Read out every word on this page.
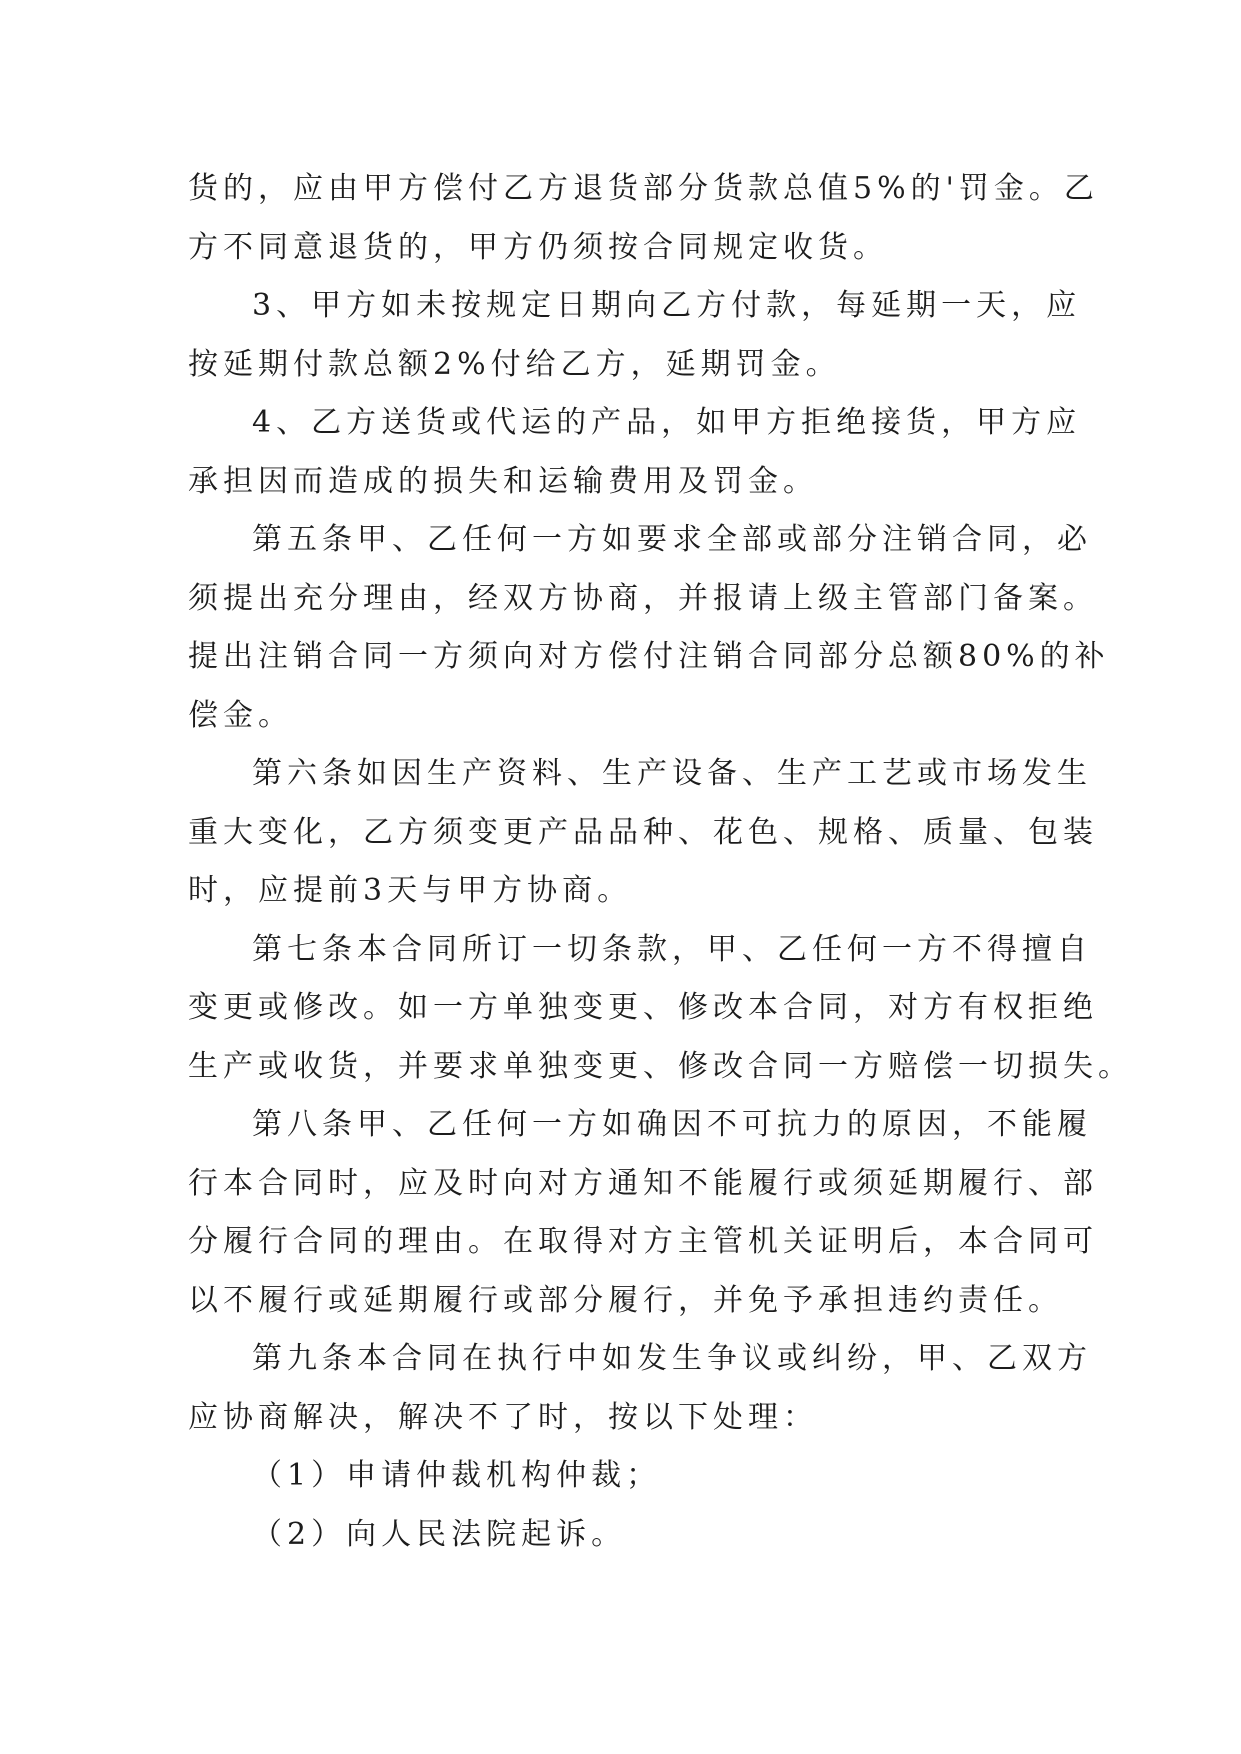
货的，应由甲方偿付乙方退货部分货款总值5%的'罚金。乙
方不同意退货的，甲方仍须按合同规定收货。
3、甲方如未按规定日期向乙方付款，每延期一天，应
按延期付款总额2%付给乙方，延期罚金。
4、乙方送货或代运的产品，如甲方拒绝接货，甲方应
承担因而造成的损失和运输费用及罚金。
第五条甲、乙任何一方如要求全部或部分注销合同，必
须提出充分理由，经双方协商，并报请上级主管部门备案。
提出注销合同一方须向对方偿付注销合同部分总额80%的补
偿金。
第六条如因生产资料、生产设备、生产工艺或市场发生
重大变化，乙方须变更产品品种、花色、规格、质量、包装
时，应提前3天与甲方协商。
第七条本合同所订一切条款，甲、乙任何一方不得擅自
变更或修改。如一方单独变更、修改本合同，对方有权拒绝
生产或收货，并要求单独变更、修改合同一方赔偿一切损失。
第八条甲、乙任何一方如确因不可抗力的原因，不能履
行本合同时，应及时向对方通知不能履行或须延期履行、部
分履行合同的理由。在取得对方主管机关证明后，本合同可
以不履行或延期履行或部分履行，并免予承担违约责任。
第九条本合同在执行中如发生争议或纠纷，甲、乙双方
应协商解决，解决不了时，按以下处理：
（1）申请仲裁机构仲裁；
（2）向人民法院起诉。
